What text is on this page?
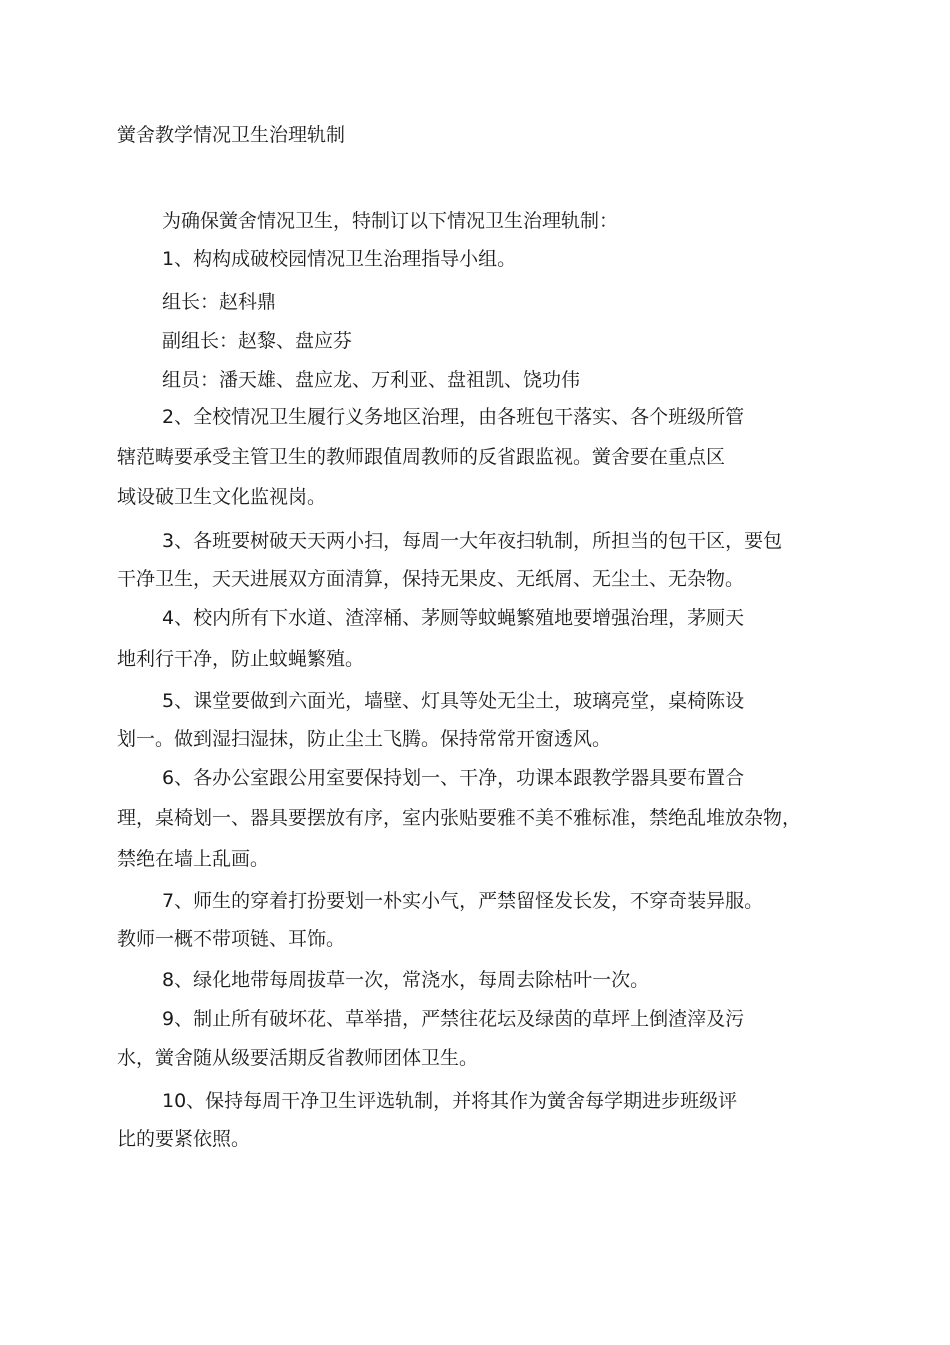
黉舍教学情况卫生治理轨制
为确保黉舍情况卫生，特制订以下情况卫生治理轨制：
1、构构成破校园情况卫生治理指导小组。
组长：赵科鼎
副组长：赵黎、盘应芬
组员：潘天雄、盘应龙、万利亚、盘祖凯、饶功伟
2、全校情况卫生履行义务地区治理，由各班包干落实、各个班级所管
辖范畴要承受主管卫生的教师跟值周教师的反省跟监视。黉舍要在重点区
域设破卫生文化监视岗。
3、各班要树破天天两小扫，每周一大年夜扫轨制，所担当的包干区，要包
干净卫生，天天进展双方面清算，保持无果皮、无纸屑、无尘土、无杂物。
4、校内所有下水道、渣滓桶、茅厕等蚊蝇繁殖地要增强治理，茅厕天
地利行干净，防止蚊蝇繁殖。
5、课堂要做到六面光，墙壁、灯具等处无尘土，玻璃亮堂，桌椅陈设
划一。做到湿扫湿抹，防止尘土飞腾。保持常常开窗透风。
6、各办公室跟公用室要保持划一、干净，功课本跟教学器具要布置合
理，桌椅划一、器具要摆放有序，室内张贴要雅不美不雅标准，禁绝乱堆放杂物，
禁绝在墙上乱画。
7、师生的穿着打扮要划一朴实小气，严禁留怪发长发，不穿奇装异服。
教师一概不带项链、耳饰。
8、绿化地带每周拔草一次，常浇水，每周去除枯叶一次。
9、制止所有破坏花、草举措，严禁往花坛及绿茵的草坪上倒渣滓及污
水，黉舍随从级要活期反省教师团体卫生。
10、保持每周干净卫生评选轨制，并将其作为黉舍每学期进步班级评
比的要紧依照。
